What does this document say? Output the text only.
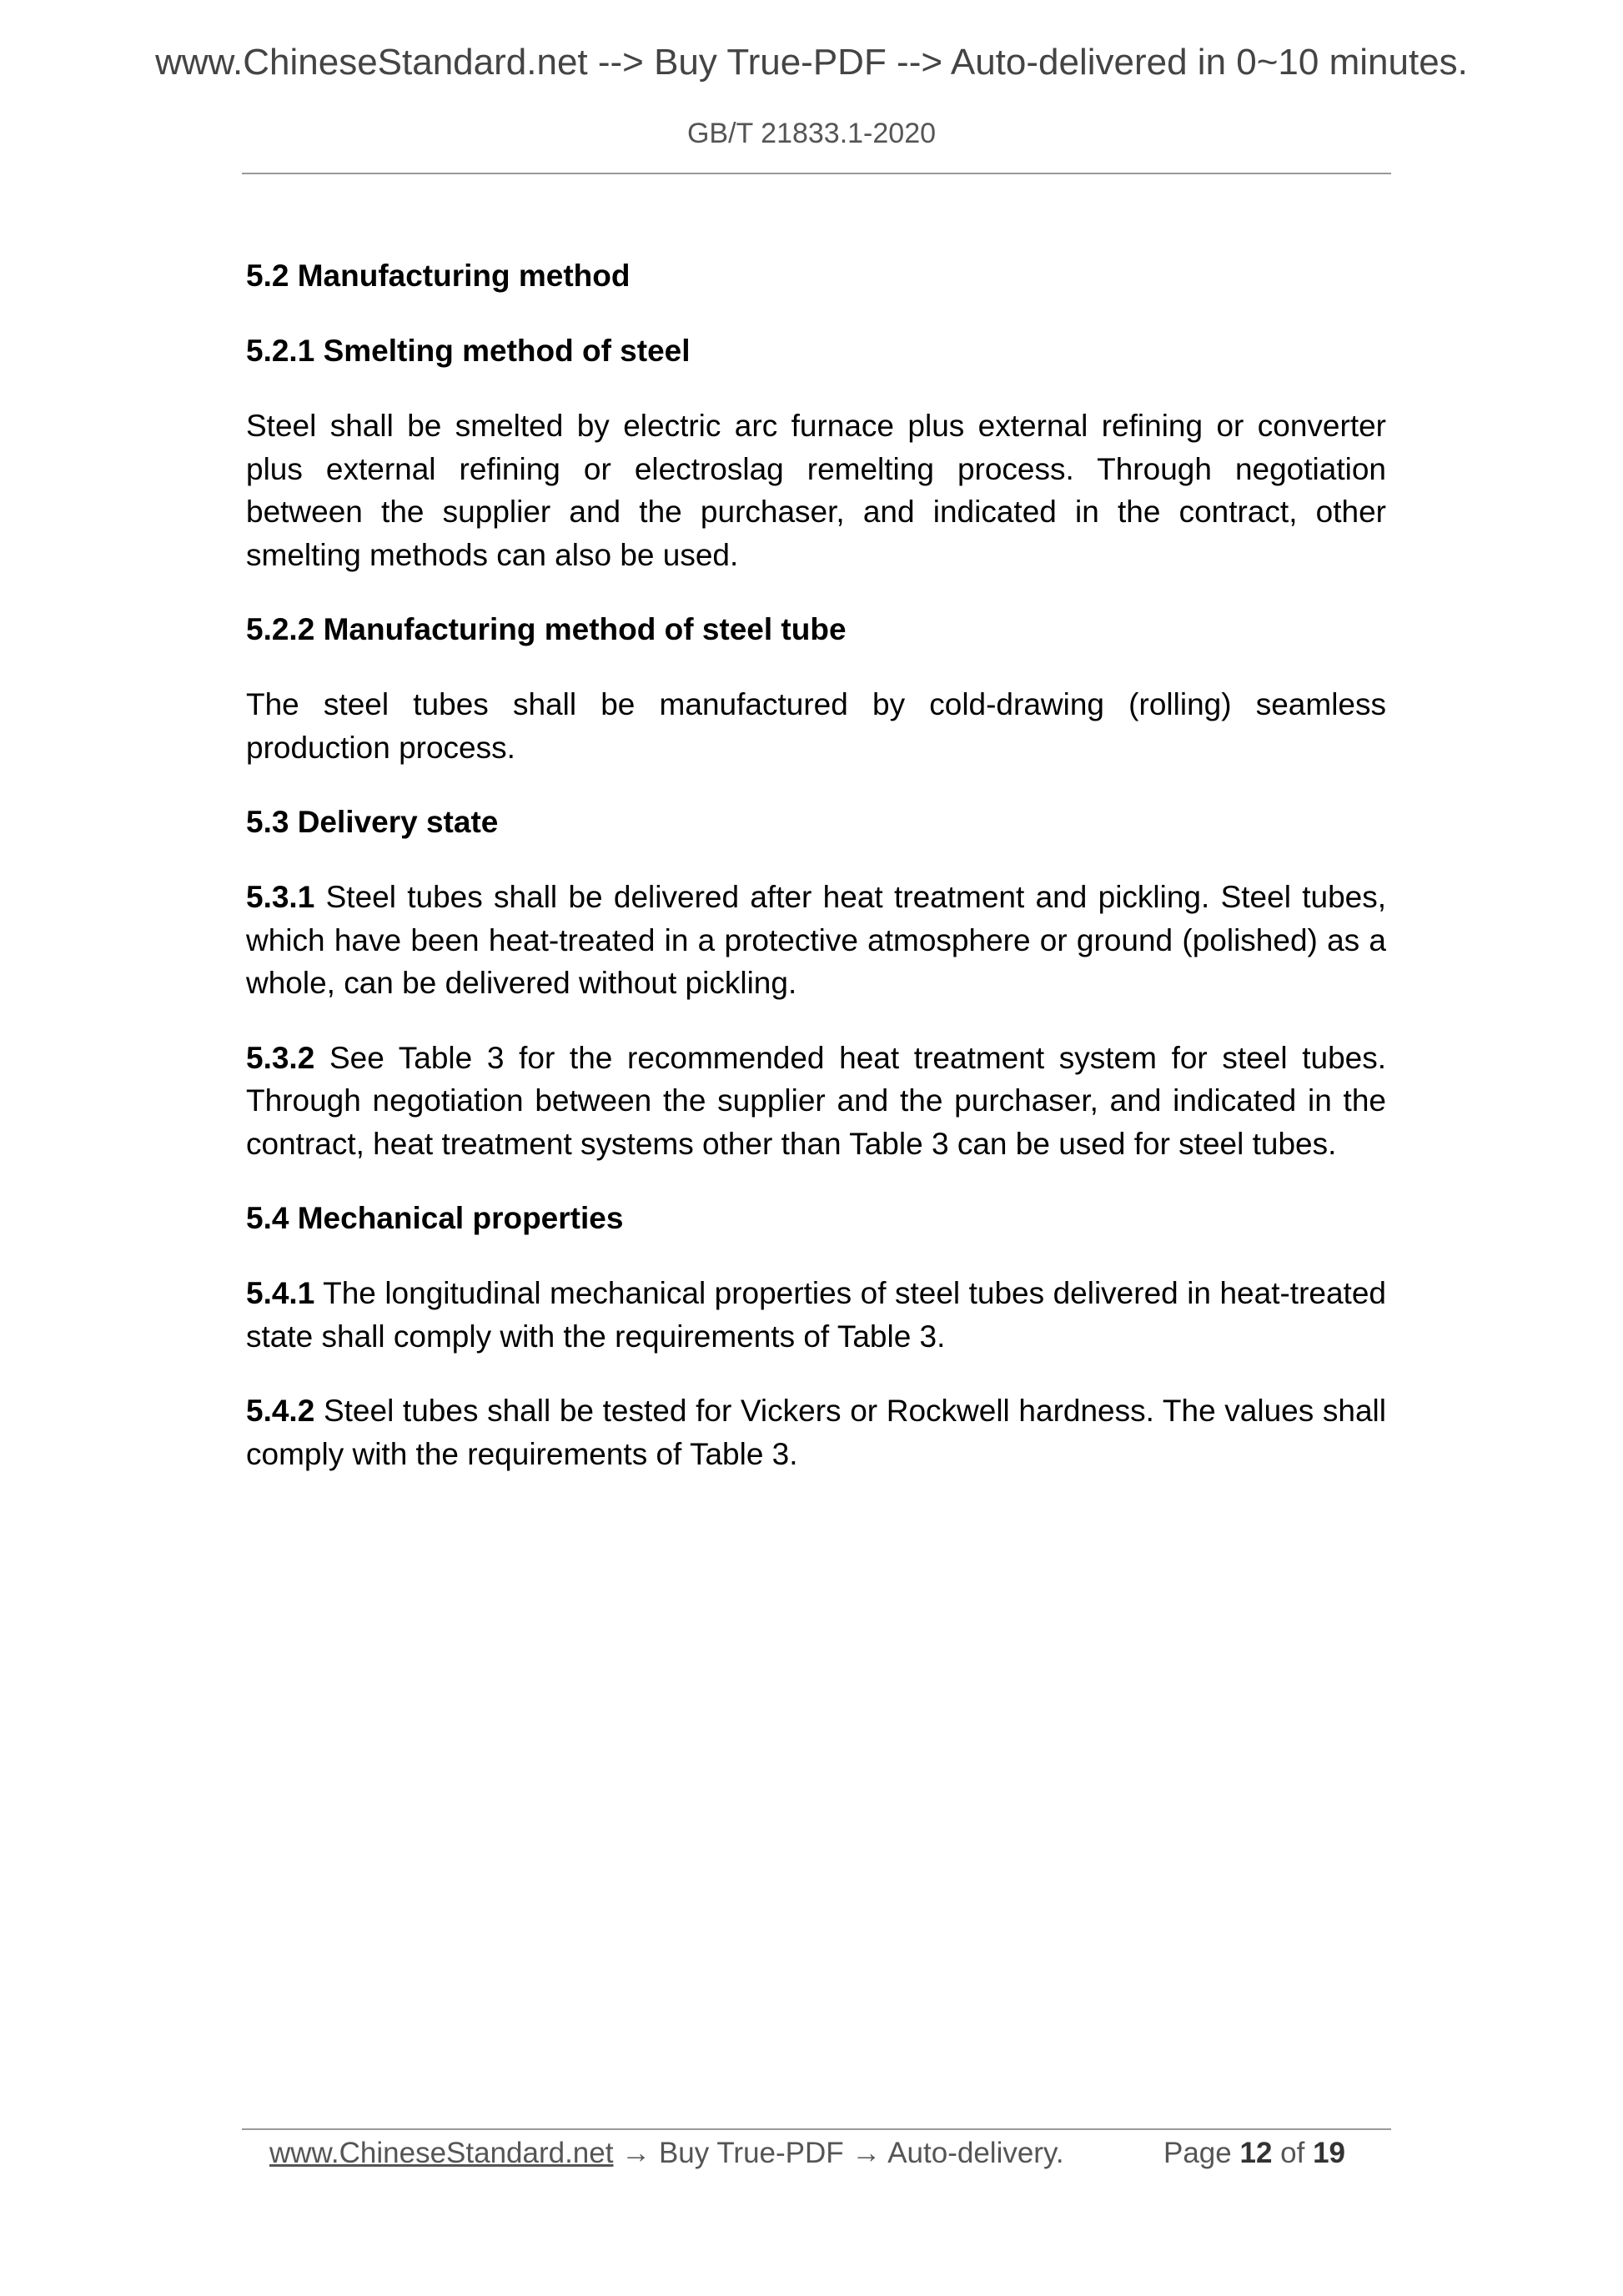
www.ChineseStandard.net --> Buy True-PDF --> Auto-delivered in 0~10 minutes.
GB/T 21833.1-2020
5.2 Manufacturing method
5.2.1 Smelting method of steel

Steel shall be smelted by electric arc furnace plus external refining or converter plus external refining or electroslag remelting process. Through negotiation between the supplier and the purchaser, and indicated in the contract, other smelting methods can also be used.

5.2.2 Manufacturing method of steel tube

The steel tubes shall be manufactured by cold-drawing (rolling) seamless production process.

5.3 Delivery state

5.3.1 Steel tubes shall be delivered after heat treatment and pickling. Steel tubes, which have been heat-treated in a protective atmosphere or ground (polished) as a whole, can be delivered without pickling.

5.3.2 See Table 3 for the recommended heat treatment system for steel tubes. Through negotiation between the supplier and the purchaser, and indicated in the contract, heat treatment systems other than Table 3 can be used for steel tubes.

5.4 Mechanical properties

5.4.1 The longitudinal mechanical properties of steel tubes delivered in heat-treated state shall comply with the requirements of Table 3.

5.4.2 Steel tubes shall be tested for Vickers or Rockwell hardness. The values shall comply with the requirements of Table 3.

www.ChineseStandard.net → Buy True-PDF → Auto-delivery.	Page 12 of 19
